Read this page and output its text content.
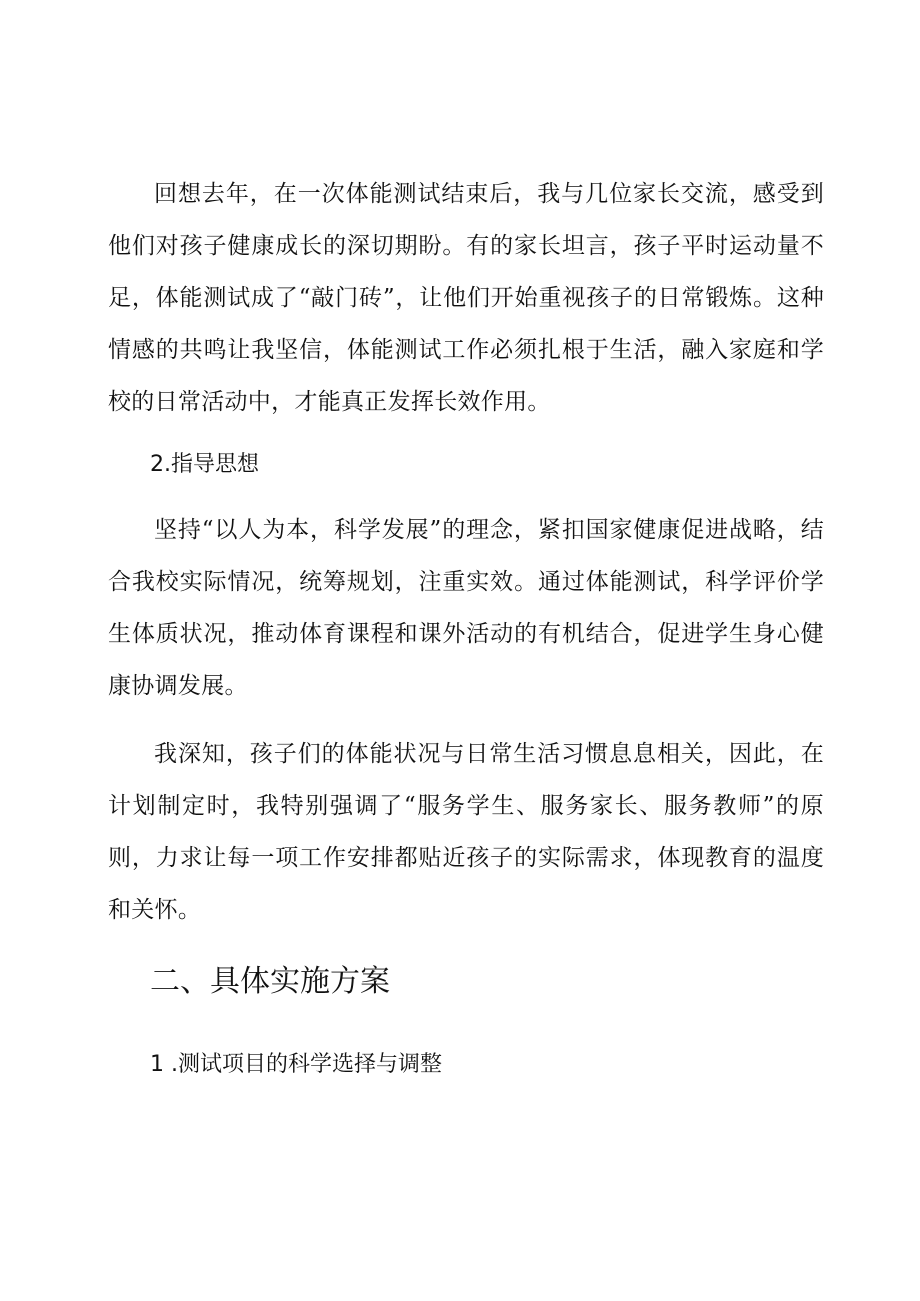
回想去年，在一次体能测试结束后，我与几位家长交流，感受到他们对孩子健康成长的深切期盼。有的家长坦言，孩子平时运动量不足，体能测试成了“敲门砖”，让他们开始重视孩子的日常锻炼。这种情感的共鸣让我坚信，体能测试工作必须扎根于生活，融入家庭和学校的日常活动中，才能真正发挥长效作用。

2.指导思想

坚持“以人为本，科学发展”的理念，紧扣国家健康促进战略，结合我校实际情况，统筹规划，注重实效。通过体能测试，科学评价学生体质状况，推动体育课程和课外活动的有机结合，促进学生身心健康协调发展。

我深知，孩子们的体能状况与日常生活习惯息息相关，因此，在计划制定时，我特别强调了“服务学生、服务家长、服务教师”的原则，力求让每一项工作安排都贴近孩子的实际需求，体现教育的温度和关怀。

二、具体实施方案
1 .测试项目的科学选择与调整
